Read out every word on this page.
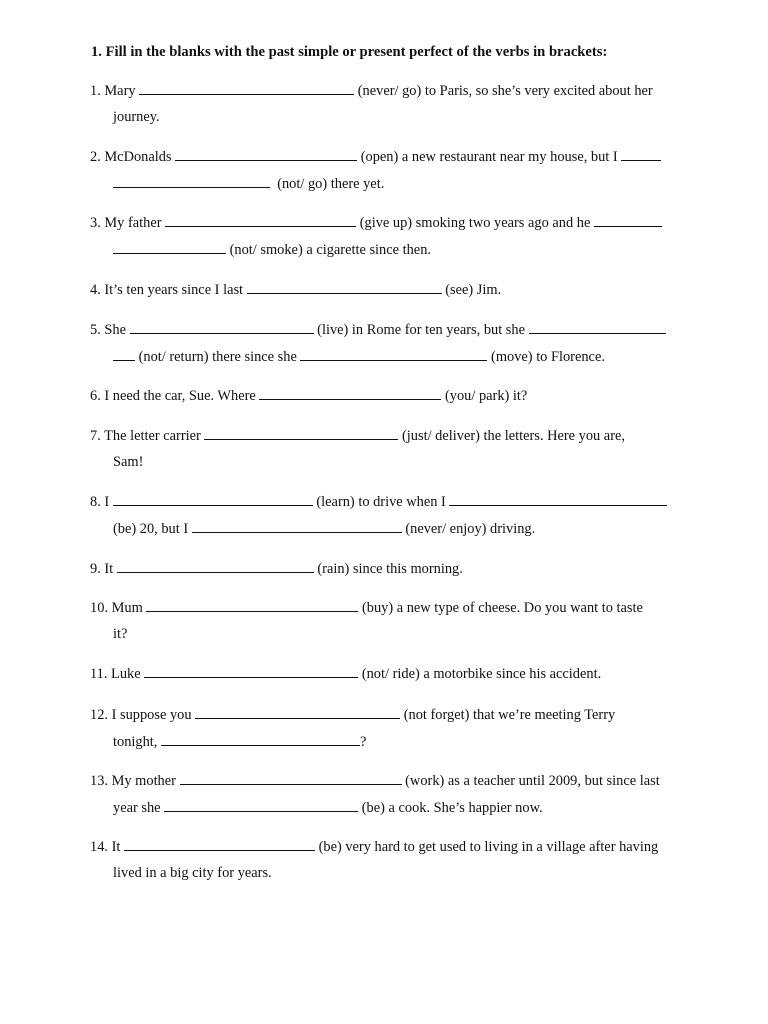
1. Fill in the blanks with the past simple or present perfect of the verbs in brackets:
1. Mary	(never/ go) to Paris, so she’s very excited about her
journey.
2. McDonalds	(open) a new restaurant near my house, but I
(not/ go) there yet.
3. My father	(give up) smoking two years ago and he
(not/ smoke) a cigarette since then.
4. It’s ten years since I last	(see) Jim.
5. She	(live) in Rome for ten years, but she
(not/ return) there since she	(move) to Florence.
6. I need the car, Sue. Where	(you/ park) it?
7. The letter carrier	(just/ deliver) the letters. Here you are,
Sam!
8. I	(learn) to drive when I
(be) 20, but I	(never/ enjoy) driving.
9. It	(rain) since this morning.
10. Mum	(buy) a new type of cheese. Do you want to taste
it?
11. Luke	(not/ ride) a motorbike since his accident.
12. I suppose you	(not forget) that we’re meeting Terry
tonight,	?
13. My mother	(work) as a teacher until 2009, but since last
year she	(be) a cook. She’s happier now.
14. It	(be) very hard to get used to living in a village after having
lived in a big city for years.
